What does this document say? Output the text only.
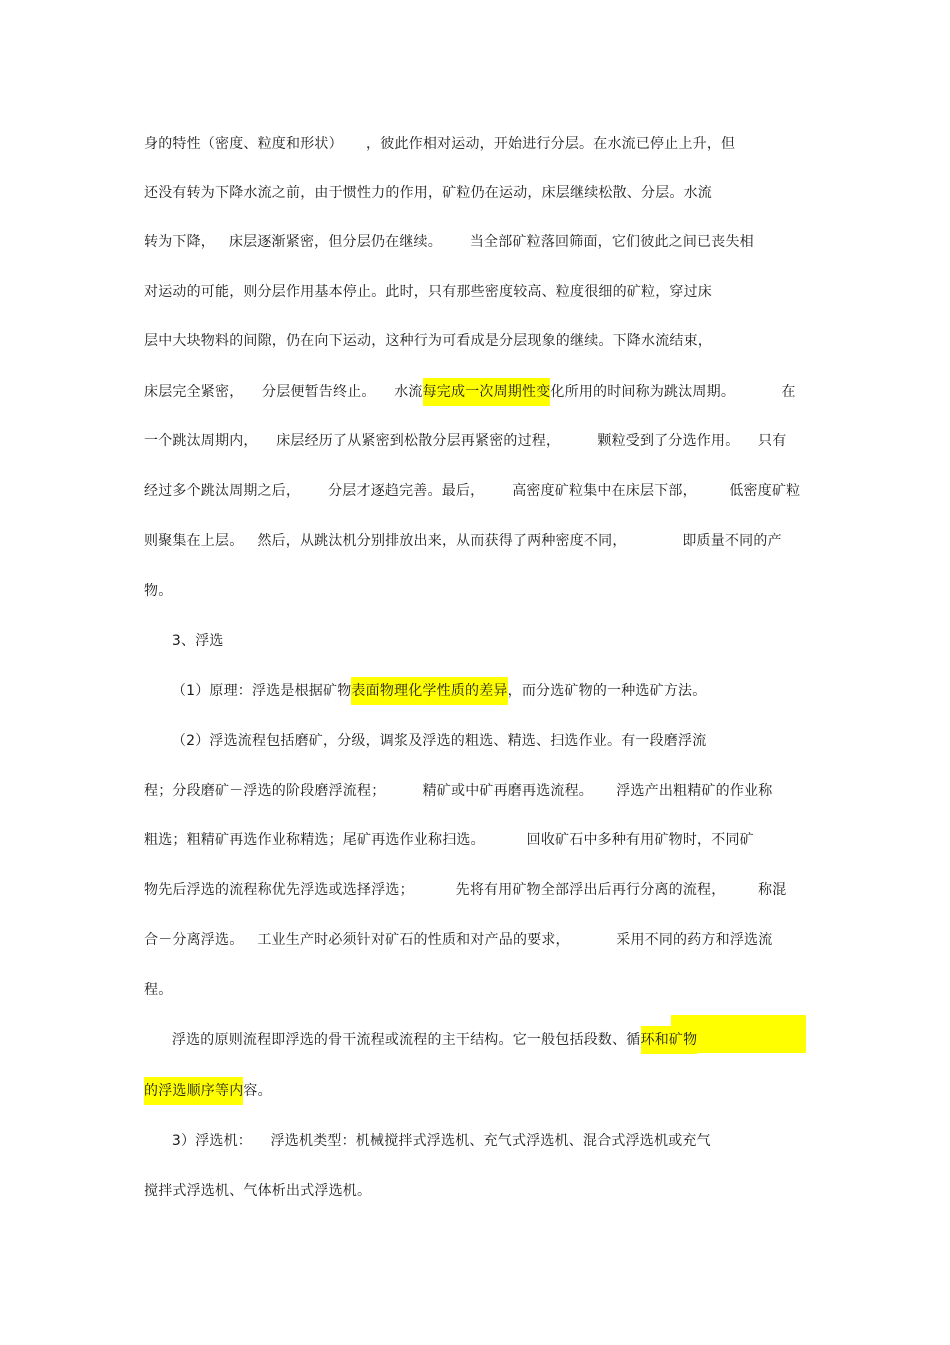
身的特性（密度、粒度和形状）     ，彼此作相对运动，开始进行分层。在水流已停止上升，但
还没有转为下降水流之前，由于惯性力的作用，矿粒仍在运动，床层继续松散、分层。水流
转为下降，   床层逐渐紧密，但分层仍在继续。      当全部矿粒落回筛面，它们彼此之间已丧失相
对运动的可能，则分层作用基本停止。此时，只有那些密度较高、粒度很细的矿粒，穿过床
层中大块物料的间隙，仍在向下运动，这种行为可看成是分层现象的继续。下降水流结束，
床层完全紧密，    分层便暂告终止。    水流每完成一次周期性变化所用的时间称为跳汰周期。          在
一个跳汰周期内，    床层经历了从紧密到松散分层再紧密的过程，        颗粒受到了分选作用。    只有
经过多个跳汰周期之后，      分层才逐趋完善。最后，      高密度矿粒集中在床层下部，       低密度矿粒
则聚集在上层。   然后，从跳汰机分别排放出来，从而获得了两种密度不同，            即质量不同的产
物。
3、浮选
（1）原理：浮选是根据矿物表面物理化学性质的差异，而分选矿物的一种选矿方法。
（2）浮选流程包括磨矿，分级，调浆及浮选的粗选、精选、扫选作业。有一段磨浮流
程；分段磨矿－浮选的阶段磨浮流程；        精矿或中矿再磨再选流程。     浮选产出粗精矿的作业称
粗选；粗精矿再选作业称精选；尾矿再选作业称扫选。         回收矿石中多种有用矿物时，不同矿
物先后浮选的流程称优先浮选或选择浮选；         先将有用矿物全部浮出后再行分离的流程，       称混
合－分离浮选。   工业生产时必须针对矿石的性质和对产品的要求，          采用不同的药方和浮选流
程。
浮选的原则流程即浮选的骨干流程或流程的主干结构。它一般包括段数、循环和矿物
的浮选顺序等内容。
3）浮选机：    浮选机类型：机械搅拌式浮选机、充气式浮选机、混合式浮选机或充气
搅拌式浮选机、气体析出式浮选机。
